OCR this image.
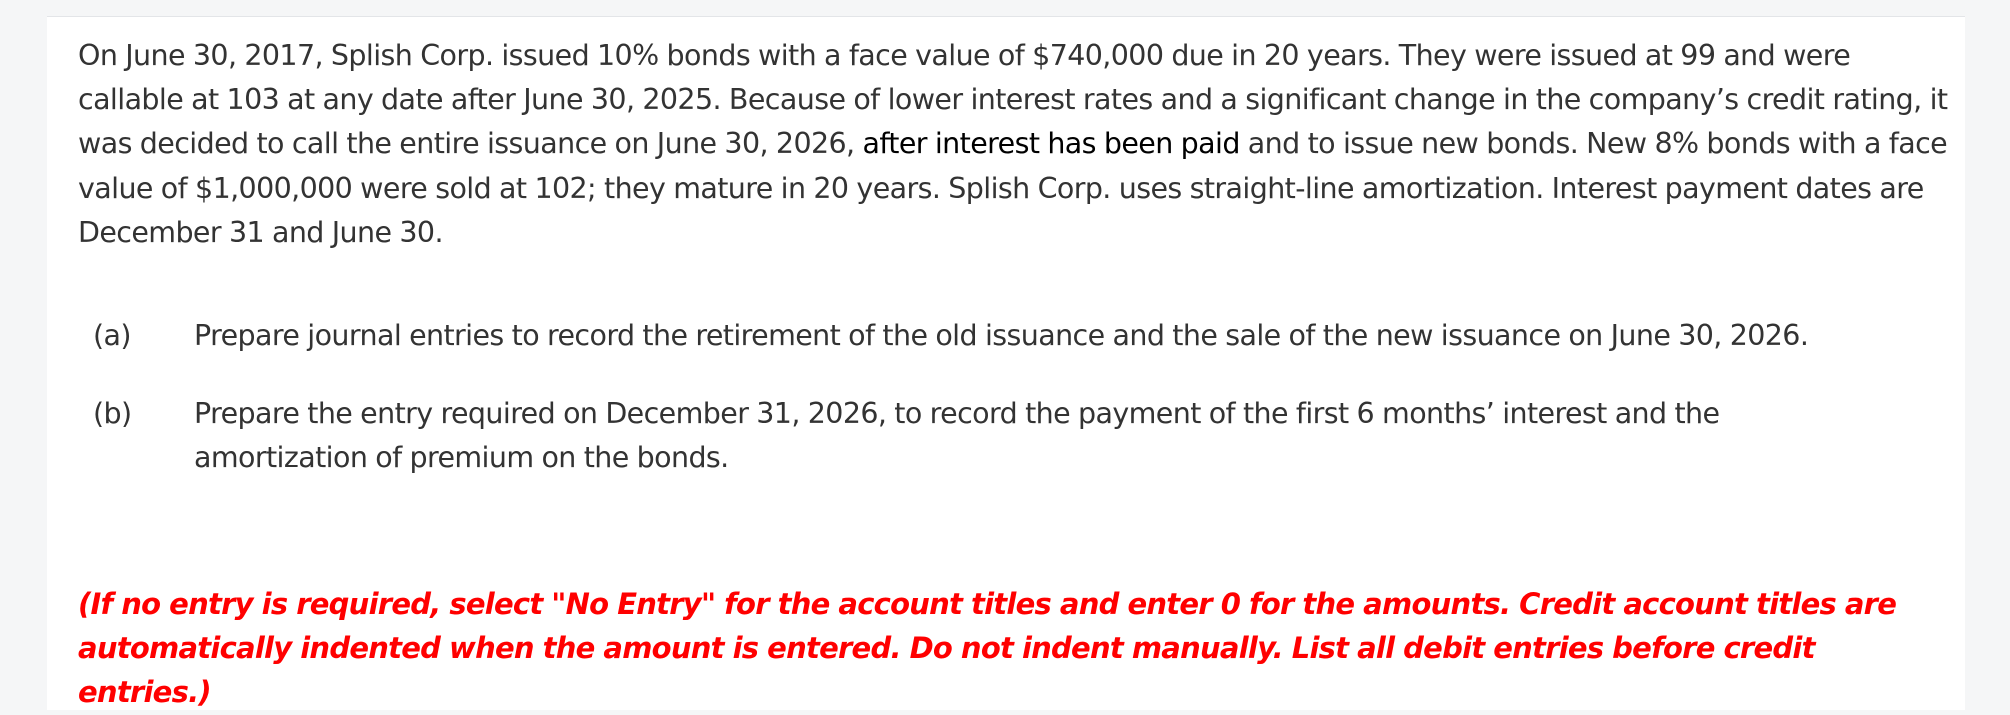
On June 30, 2017, Splish Corp. issued 10% bonds with a face value of $740,000 due in 20 years. They were issued at 99 and were callable at 103 at any date after June 30, 2025. Because of lower interest rates and a significant change in the company’s credit rating, it was decided to call the entire issuance on June 30, 2026, after interest has been paid and to issue new bonds. New 8% bonds with a face value of $1,000,000 were sold at 102; they mature in 20 years. Splish Corp. uses straight-line amortization. Interest payment dates are December 31 and June 30.

(a) Prepare journal entries to record the retirement of the old issuance and the sale of the new issuance on June 30, 2026.
(b) Prepare the entry required on December 31, 2026, to record the payment of the first 6 months’ interest and the amortization of premium on the bonds.

(If no entry is required, select "No Entry" for the account titles and enter 0 for the amounts. Credit account titles are automatically indented when the amount is entered. Do not indent manually. List all debit entries before credit entries.)
